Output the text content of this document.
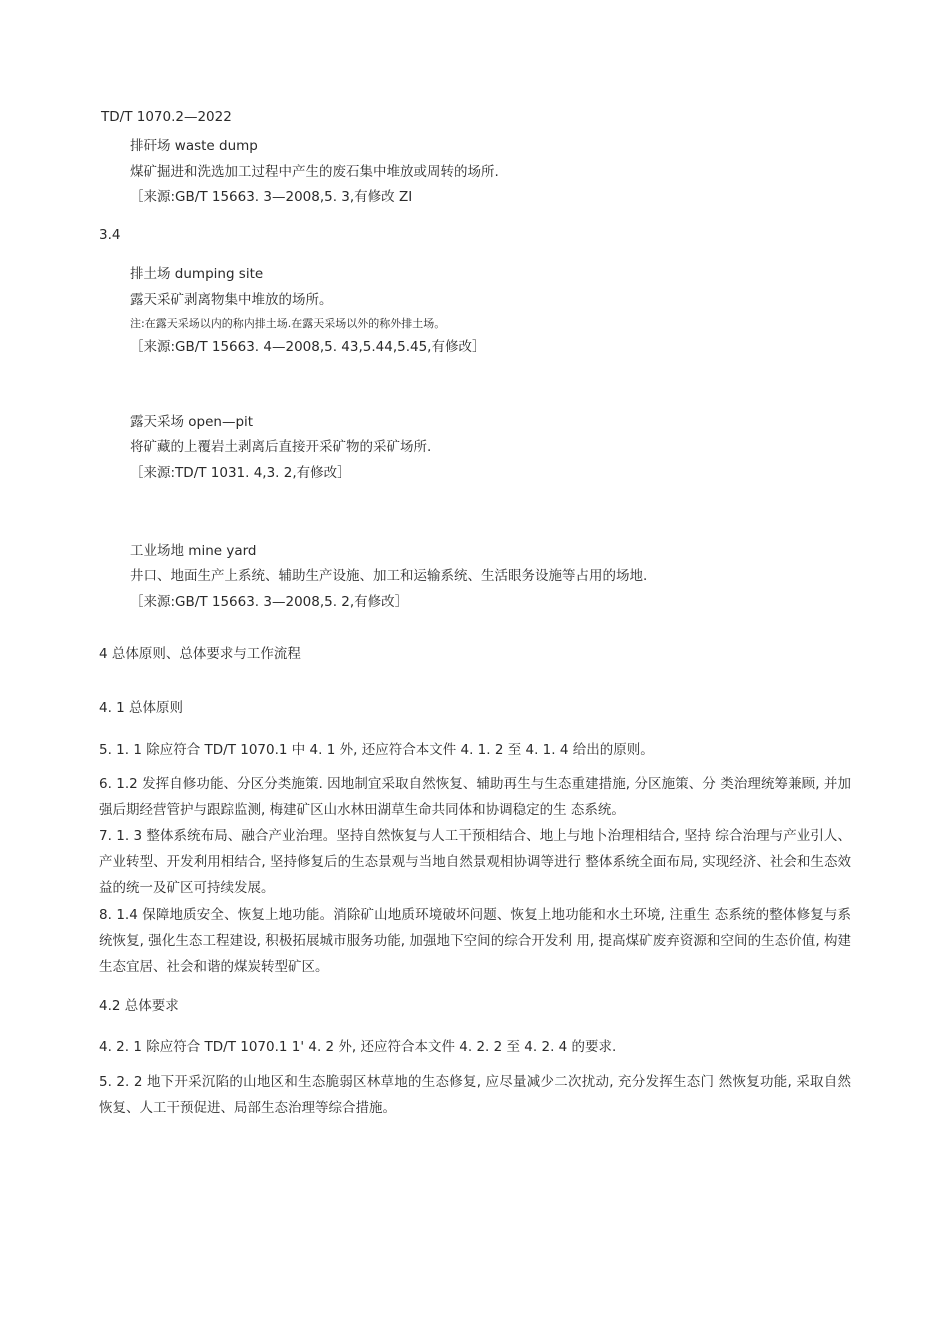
TD/T 1070.2—2022
排矸场 waste dump
煤矿掘进和洗选加工过程中产生的废石集中堆放或周转的场所.
［来源:GB/T 15663. 3—2008,5. 3,有修改 ZI
3.4
排土场 dumping site
露天采矿剥离物集中堆放的场所。
注:在露天采场以内的称内排土场.在露天采场以外的称外排土场。
［来源:GB/T 15663. 4—2008,5. 43,5.44,5.45,有修改］
露天采场 open—pit
将矿藏的上覆岩土剥离后直接开采矿物的采矿场所.
［来源:TD/T 1031. 4,3. 2,有修改］
工业场地 mine yard
井口、地面生产上系统、辅助生产设施、加工和运输系统、生活眼务设施等占用的场地.
［来源:GB/T 15663. 3—2008,5. 2,有修改］
4 总体原则、总体要求与工作流程
4. 1 总体原则
5. 1. 1 除应符合 TD/T 1070.1 中 4. 1 外, 还应符合本文件 4. 1. 2 至 4. 1. 4 给出的原则。
6. 1.2 发挥自修功能、分区分类施策. 因地制宜采取自然恢复、辅助再生与生态重建措施, 分区施策、分 类治理统筹兼顾, 并加强后期经营管护与跟踪监测, 梅建矿区山水林田湖草生命共同体和协调稳定的生 态系统。
7. 1. 3 整体系统布局、融合产业治理。坚持自然恢复与人工干预相结合、地上与地卜治理相结合, 坚持 综合治理与产业引人、产业转型、开发利用相结合, 坚持修复后的生态景观与当地自然景观相协调等进行 整体系统全面布局, 实现经济、社会和生态效益的统一及矿区可持续发展。
8. 1.4 保障地质安全、恢复上地功能。消除矿山地质环境破坏问题、恢复上地功能和水土环境, 注重生 态系统的整体修复与系统恢复, 强化生态工程建设, 积极拓展城市服务功能, 加强地下空间的综合开发利 用, 提高煤矿废弃资源和空间的生态价值, 构建生态宜居、社会和谐的煤炭转型矿区。
4.2 总体要求
4. 2. 1 除应符合 TD/T 1070.1 1' 4. 2 外, 还应符合本文件 4. 2. 2 至 4. 2. 4 的要求.
5. 2. 2 地下开采沉陷的山地区和生态脆弱区林草地的生态修复, 应尽量减少二次扰动, 充分发挥生态门 然恢复功能, 采取自然恢复、人工干预促进、局部生态治理等综合措施。
